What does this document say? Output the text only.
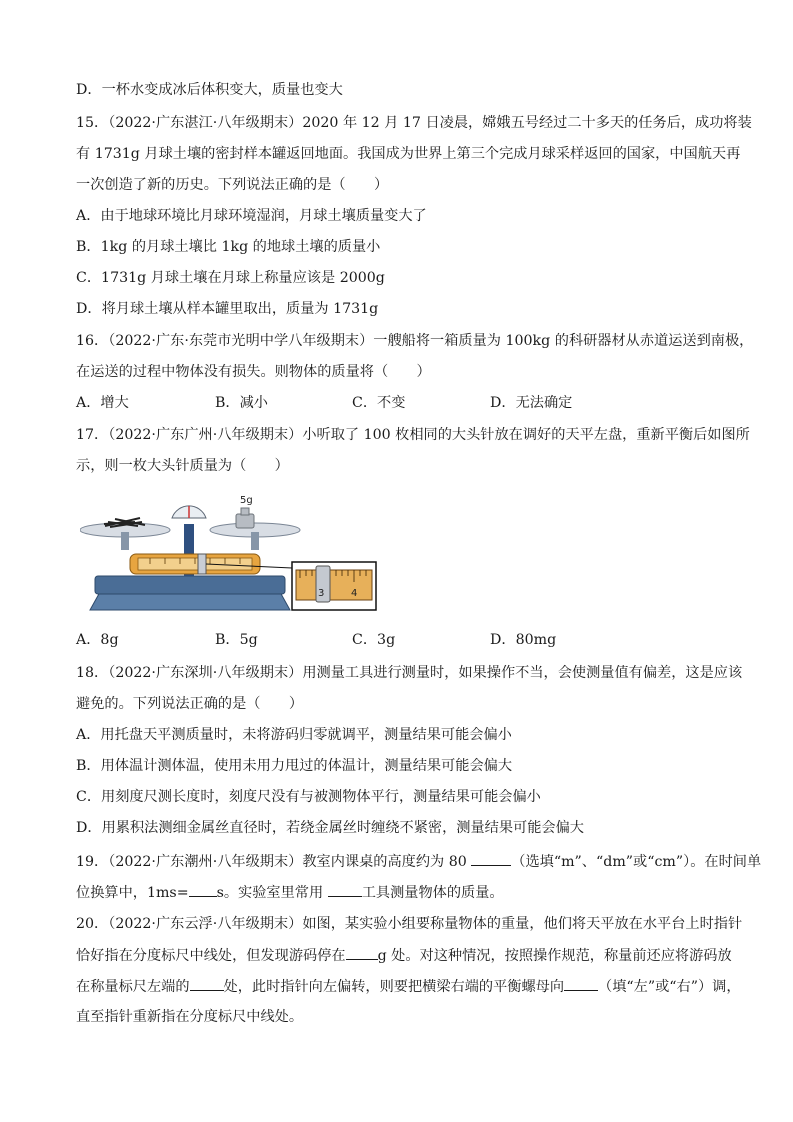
D．一杯水变成冰后体积变大，质量也变大
15．（2022·广东湛江·八年级期末）2020 年 12 月 17 日凌晨，嫦娥五号经过二十多天的任务后，成功将装
有 1731g 月球土壤的密封样本罐返回地面。我国成为世界上第三个完成月球采样返回的国家，中国航天再
一次创造了新的历史。下列说法正确的是（　　）
A．由于地球环境比月球环境湿润，月球土壤质量变大了
B．1kg 的月球土壤比 1kg 的地球土壤的质量小
C．1731g 月球土壤在月球上称量应该是 2000g
D．将月球土壤从样本罐里取出，质量为 1731g
16．（2022·广东·东莞市光明中学八年级期末）一艘船将一箱质量为 100kg 的科研器材从赤道运送到南极，
在运送的过程中物体没有损失。则物体的质量将（　　）
A．增大	B．减小	C．不变	D．无法确定
17．（2022·广东广州·八年级期末）小听取了 100 枚相同的大头针放在调好的天平左盘，重新平衡后如图所
示，则一枚大头针质量为（　　）
5g
3	4
A．8g	B．5g	C．3g	D．80mg
18．（2022·广东深圳·八年级期末）用测量工具进行测量时，如果操作不当，会使测量值有偏差，这是应该
避免的。下列说法正确的是（　　）
A．用托盘天平测质量时，未将游码归零就调平，测量结果可能会偏小
B．用体温计测体温，使用未用力甩过的体温计，测量结果可能会偏大
C．用刻度尺测长度时，刻度尺没有与被测物体平行，测量结果可能会偏小
D．用累积法测细金属丝直径时，若绕金属丝时缠绕不紧密，测量结果可能会偏大
19．（2022·广东潮州·八年级期末）教室内课桌的高度约为 80	（选填“m”、“dm”或“cm”）。在时间单
位换算中，1ms= s。实验室里常用 工具测量物体的质量。
20．（2022·广东云浮·八年级期末）如图，某实验小组要称量物体的重量，他们将天平放在水平台上时指针
恰好指在分度标尺中线处，但发现游码停在 g 处。对这种情况，按照操作规范，称量前还应将游码放
在称量标尺左端的 处，此时指针向左偏转，则要把横梁右端的平衡螺母向 （填“左”或“右”）调，
直至指针重新指在分度标尺中线处。
